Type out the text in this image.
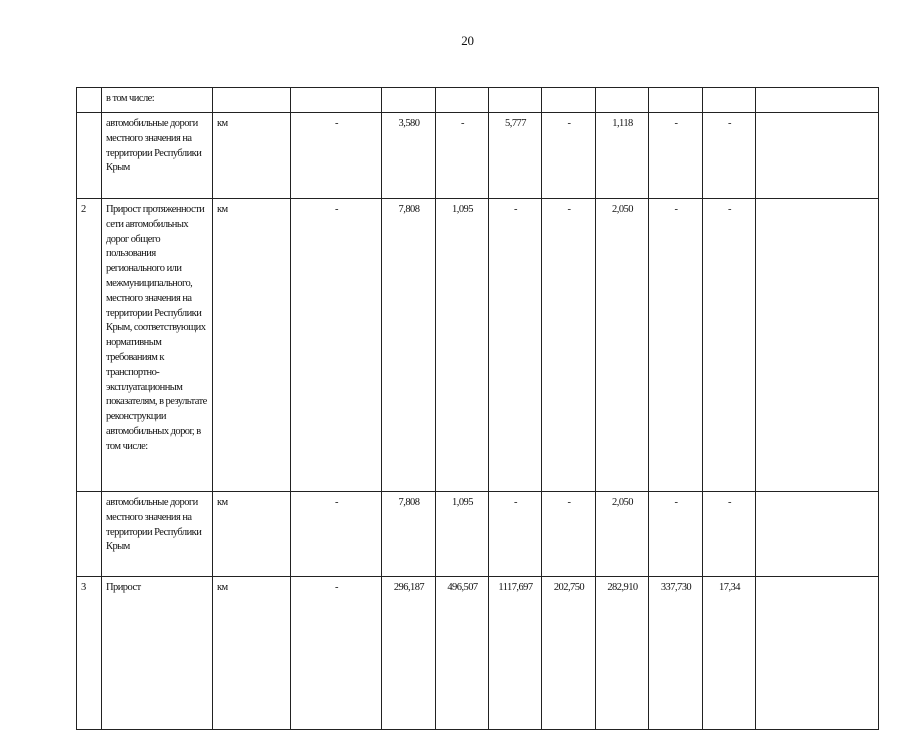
20
	в том числе:											
	автомобильные дороги местного значения на территории Республики Крым	км	-	3,580	-	5,777	-	1,118	-	-		
2	Прирост протяженности сети автомобильных дорог общего пользования регионального или межмуниципального, местного значения на территории Республики Крым, соответствующих нормативным требованиям к транспортно-эксплуатационным показателям, в результате реконструкции автомобильных дорог, в том числе:	км	-	7,808	1,095	-	-	2,050	-	-		
	автомобильные дороги местного значения на территории Республики Крым	км	-	7,808	1,095	-	-	2,050	-	-		
3	Прирост	км	-	296,187	496,507	1117,697	202,750	282,910	337,730	17,34		
